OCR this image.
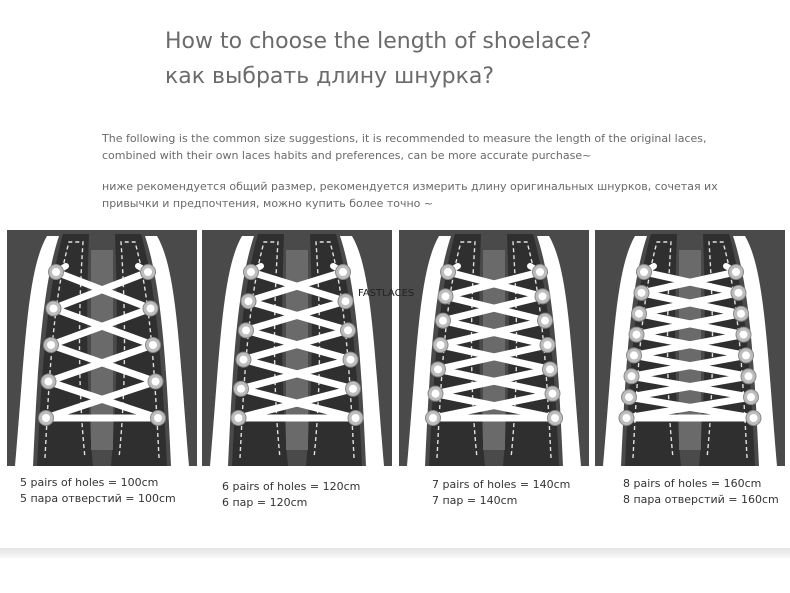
How to choose the length of shoelace?
как выбрать длину шнурка?
The following is the common size suggestions, it is recommended to measure the length of the original laces,
combined with their own laces habits and preferences, can be more accurate purchase~
ниже рекомендуется общий размер, рекомендуется измерить длину оригинальных шнурков, сочетая их
привычки и предпочтения, можно купить более точно ~
FASTLACES
5 pairs of holes = 100cm
5 пара отверстий = 100cm
6 pairs of holes = 120cm
6 пар = 120cm
7 pairs of holes = 140cm
7 пар = 140cm
8 pairs of holes = 160cm
8 пара отверстий = 160cm
